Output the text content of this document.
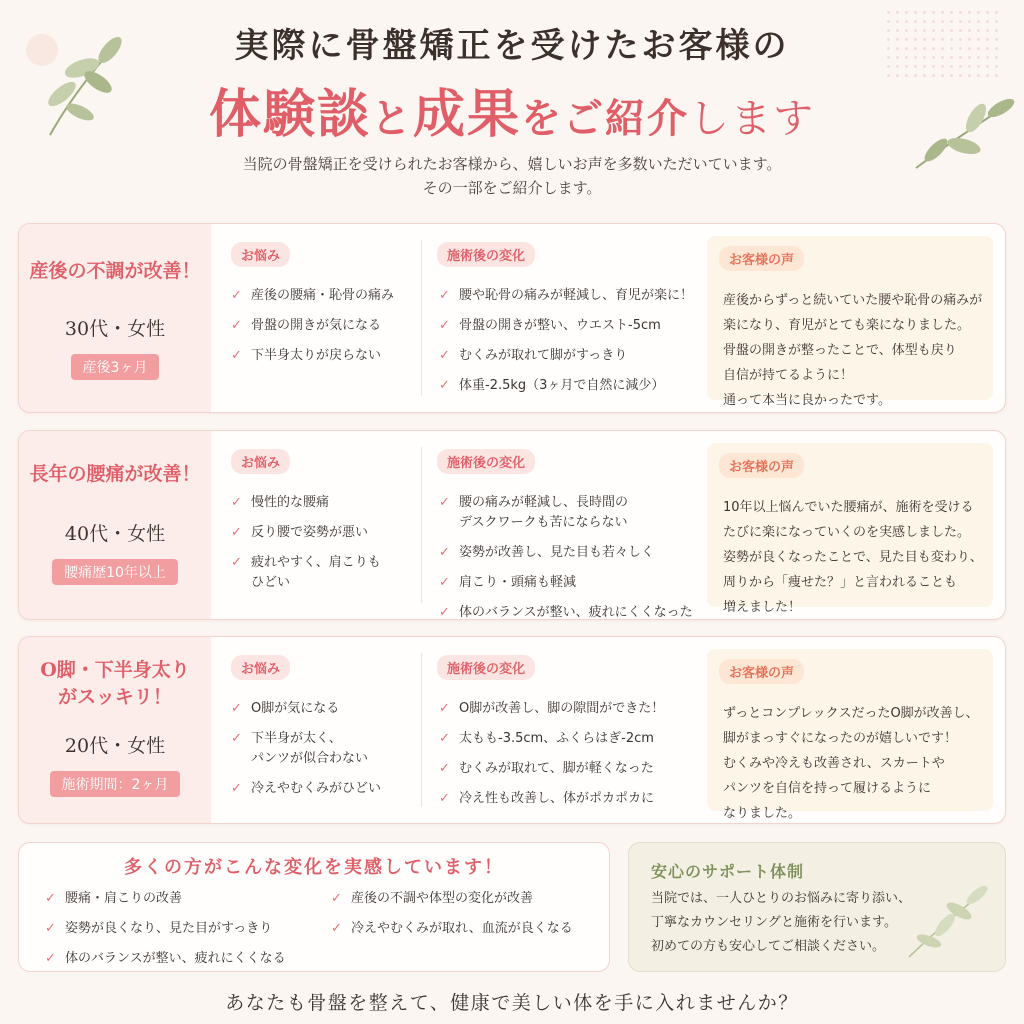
実際に骨盤矯正を受けたお客様の
体験談と成果をご紹介します
当院の骨盤矯正を受けられたお客様から、嬉しいお声を多数いただいています。
その一部をご紹介します。
産後の不調が改善！
30代・女性
産後3ヶ月
お悩み
✓ 産後の腰痛・恥骨の痛み
✓ 骨盤の開きが気になる
✓ 下半身太りが戻らない
施術後の変化
✓ 腰や恥骨の痛みが軽減し、育児が楽に！
✓ 骨盤の開きが整い、ウエスト-5cm
✓ むくみが取れて脚がすっきり
✓ 体重-2.5kg（3ヶ月で自然に減少）
お客様の声
産後からずっと続いていた腰や恥骨の痛みが
楽になり、育児がとても楽になりました。
骨盤の開きが整ったことで、体型も戻り
自信が持てるように！
通って本当に良かったです。
長年の腰痛が改善！
40代・女性
腰痛歴10年以上
お悩み
✓ 慢性的な腰痛
✓ 反り腰で姿勢が悪い
✓ 疲れやすく、肩こりも
ひどい
施術後の変化
✓ 腰の痛みが軽減し、長時間の
デスクワークも苦にならない
✓ 姿勢が改善し、見た目も若々しく
✓ 肩こり・頭痛も軽減
✓ 体のバランスが整い、疲れにくくなった
お客様の声
10年以上悩んでいた腰痛が、施術を受ける
たびに楽になっていくのを実感しました。
姿勢が良くなったことで、見た目も変わり、
周りから「痩せた？」と言われることも
増えました！
O脚・下半身太り
がスッキリ！
20代・女性
施術期間：2ヶ月
お悩み
✓ O脚が気になる
✓ 下半身が太く、
パンツが似合わない
✓ 冷えやむくみがひどい
施術後の変化
✓ O脚が改善し、脚の隙間ができた！
✓ 太もも-3.5cm、ふくらはぎ-2cm
✓ むくみが取れて、脚が軽くなった
✓ 冷え性も改善し、体がポカポカに
お客様の声
ずっとコンプレックスだったO脚が改善し、
脚がまっすぐになったのが嬉しいです！
むくみや冷えも改善され、スカートや
パンツを自信を持って履けるように
なりました。
多くの方がこんな変化を実感しています！
✓ 腰痛・肩こりの改善
✓ 姿勢が良くなり、見た目がすっきり
✓ 体のバランスが整い、疲れにくくなる
✓ 産後の不調や体型の変化が改善
✓ 冷えやむくみが取れ、血流が良くなる
安心のサポート体制
当院では、一人ひとりのお悩みに寄り添い、
丁寧なカウンセリングと施術を行います。
初めての方も安心してご相談ください。
あなたも骨盤を整えて、健康で美しい体を手に入れませんか？
